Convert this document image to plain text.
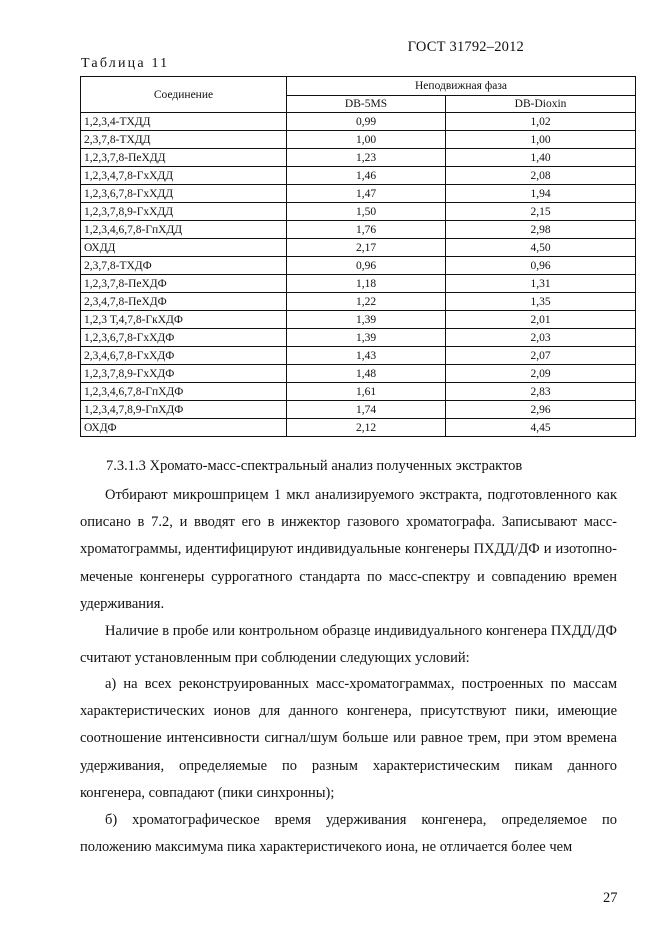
ГОСТ 31792–2012
Таблица 11
Соединение	Неподвижная фаза	
	DB-5MS	DB-Dioxin
1,2,3,4-ТХДД	0,99	1,02
2,3,7,8-ТХДД	1,00	1,00
1,2,3,7,8-ПеХДД	1,23	1,40
1,2,3,4,7,8-ГхХДД	1,46	2,08
1,2,3,6,7,8-ГхХДД	1,47	1,94
1,2,3,7,8,9-ГхХДД	1,50	2,15
1,2,3,4,6,7,8-ГпХДД	1,76	2,98
ОХДД	2,17	4,50
2,3,7,8-ТХДФ	0,96	0,96
1,2,3,7,8-ПеХДФ	1,18	1,31
2,3,4,7,8-ПеХДФ	1,22	1,35
1,2,3 Т,4,7,8-ГкХДФ	1,39	2,01
1,2,3,6,7,8-ГхХДФ	1,39	2,03
2,3,4,6,7,8-ГхХДФ	1,43	2,07
1,2,3,7,8,9-ГхХДФ	1,48	2,09
1,2,3,4,6,7,8-ГпХДФ	1,61	2,83
1,2,3,4,7,8,9-ГпХДФ	1,74	2,96
ОХДФ	2,12	4,45
7.3.1.3 Хромато-масс-спектральный анализ полученных экстрактов
Отбирают микрошприцем 1 мкл анализируемого экстракта, подготовленного как описано в 7.2, и вводят его в инжектор газового хроматографа. Записывают масс-хроматограммы, идентифицируют индивидуальные конгенеры ПХДД/ДФ и изотопно-меченые конгенеры суррогатного стандарта по масс-спектру и совпадению времен удерживания.
Наличие в пробе или контрольном образце индивидуального конгенера ПХДД/ДФ считают установленным при соблюдении следующих условий:
а) на всех реконструированных масс-хроматограммах, построенных по массам характеристических ионов для данного конгенера, присутствуют пики, имеющие соотношение интенсивности сигнал/шум больше или равное трем, при этом времена удерживания, определяемые по разным характеристическим пикам данного конгенера, совпадают (пики синхронны);
б) хроматографическое время удерживания конгенера, определяемое по положению максимума пика характеристичекого иона, не отличается более чем
27
